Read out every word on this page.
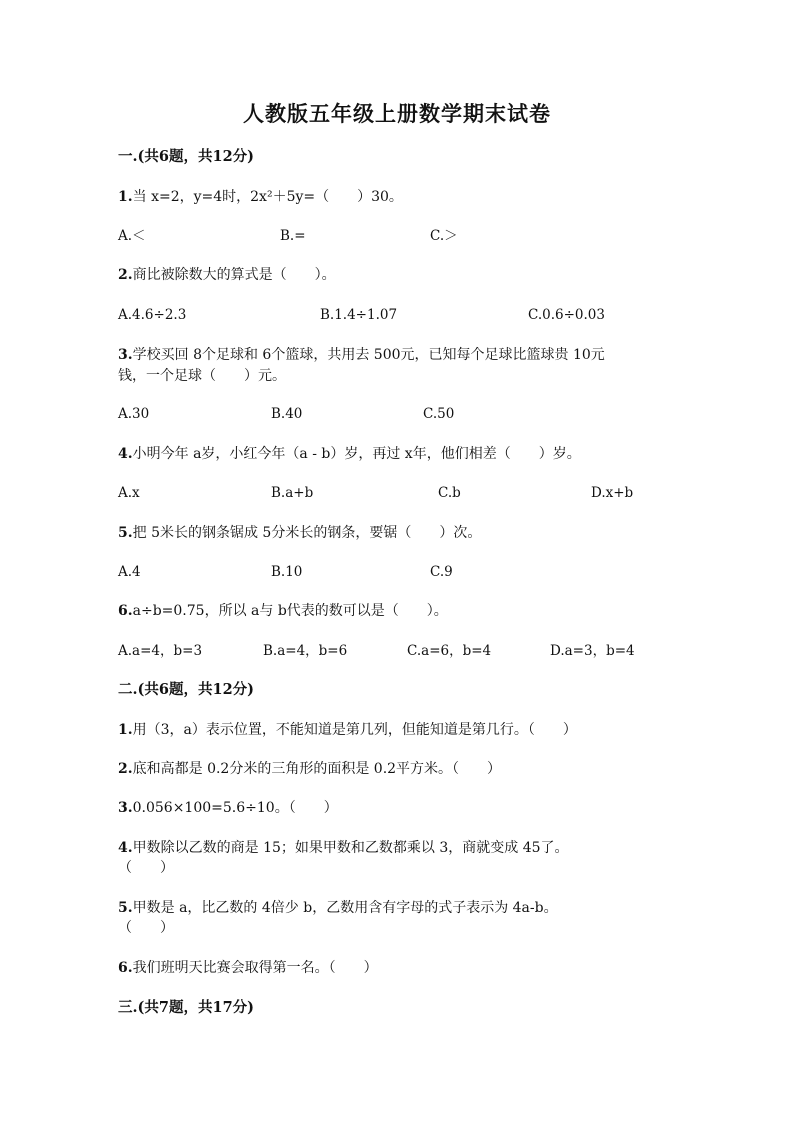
人教版五年级上册数学期末试卷
一.(共6题，共12分)
1.当 x=2，y=4时，2x²＋5y=（　　）30。
A.＜	B.=	C.＞
2.商比被除数大的算式是（　　）。
A.4.6÷2.3	B.1.4÷1.07	C.0.6÷0.03
3.学校买回 8个足球和 6个篮球，共用去 500元，已知每个足球比篮球贵 10元
钱，一个足球（　　）元。
A.30	B.40	C.50
4.小明今年 a岁，小红今年（a - b）岁，再过 x年，他们相差（　　）岁。
A.x	B.a+b	C.b	D.x+b
5.把 5米长的钢条锯成 5分米长的钢条，要锯（　　）次。
A.4	B.10	C.9
6.a÷b=0.75，所以 a与 b代表的数可以是（　　）。
A.a=4，b=3	B.a=4，b=6	C.a=6，b=4	D.a=3，b=4
二.(共6题，共12分)
1.用（3，a）表示位置，不能知道是第几列，但能知道是第几行。（　　）
2.底和高都是 0.2分米的三角形的面积是 0.2平方米。（　　）
3.0.056×100=5.6÷10。（　　）
4.甲数除以乙数的商是 15；如果甲数和乙数都乘以 3，商就变成 45了。
（　　）
5.甲数是 a，比乙数的 4倍少 b，乙数用含有字母的式子表示为 4a-b。
（　　）
6.我们班明天比赛会取得第一名。（　　）
三.(共7题，共17分)
